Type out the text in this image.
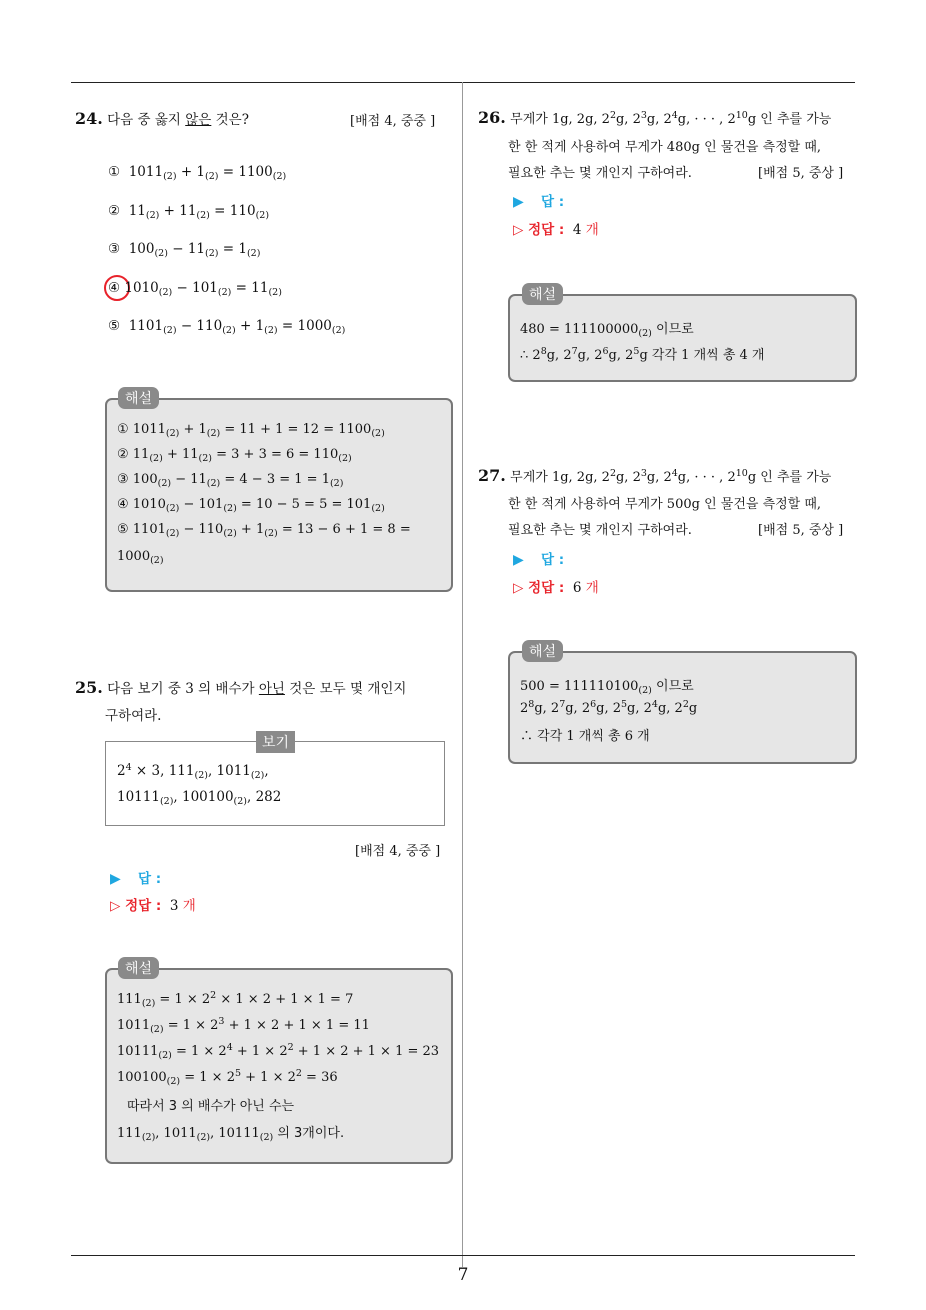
24. 다음 중 옳지 않은 것은?	[배점 4, 중중 ]
①  $1011_{(2)} + 1_{(2)} = 1100_{(2)}$
②  $11_{(2)} + 11_{(2)} = 110_{(2)}$
③  $100_{(2)} - 11_{(2)} = 1_{(2)}$
④ $1010_{(2)} - 101_{(2)} = 11_{(2)}$
⑤  $1101_{(2)} - 110_{(2)} + 1_{(2)} = 1000_{(2)}$
① $1011_{(2)} + 1_{(2)} = 11 + 1 = 12 = 1100_{(2)}$
② $11_{(2)} + 11_{(2)} = 3 + 3 = 6 = 110_{(2)}$
③ $100_{(2)} - 11_{(2)} = 4 - 3 = 1 = 1_{(2)}$
④ $1010_{(2)} - 101_{(2)} = 10 - 5 = 5 = 101_{(2)}$
⑤ $1101_{(2)} - 110_{(2)} + 1_{(2)} = 13 - 6 + 1 = 8$ =
$1000_{(2)}$
해설
25. 다음 보기 중 3 의 배수가 아닌 것은 모두 몇 개인지
구하여라.
$2^4 \times 3$, $111_{(2)}$, $1011_{(2)}$,
$10111_{(2)}$, $100100_{(2)}$, 282
보기
[배점 4, 중중 ]
▶ 답 :
▷ 정답 : 3 개
$111_{(2)} = 1 \times 2^2 \times 1 \times 2 + 1 \times 1 = 7$
$1011_{(2)} = 1 \times 2^3 + 1 \times 2 + 1 \times 1 = 11$
$10111_{(2)} = 1 \times 2^4 + 1 \times 2^2 + 1 \times 2 + 1 \times 1 = 23$
$100100_{(2)} = 1 \times 2^5 + 1 \times 2^2 = 36$
따라서 3 의 배수가 아닌 수는
$111_{(2)}$, $1011_{(2)}$, $10111_{(2)}$ 의 3개이다.
해설
26. 무게가 1g, 2g, $2^2g$, $2^3g$, $2^4g$, · · · , $2^{10}g$ 인 추를 가능
한 한 적게 사용하여 무게가 480g 인 물건을 측정할 때,
필요한 추는 몇 개인지 구하여라.	[배점 5, 중상 ]
▶ 답 :
▷ 정답 : 4 개
$480 = 111100000_{(2)}$ 이므로
∴ $2^8g$, $2^7g$, $2^6g$, $2^5g$ 각각 1 개씩 총 4 개
해설
27. 무게가 1g, 2g, $2^2g$, $2^3g$, $2^4g$, · · · , $2^{10}g$ 인 추를 가능
한 한 적게 사용하여 무게가 500g 인 물건을 측정할 때,
필요한 추는 몇 개인지 구하여라.	[배점 5, 중상 ]
▶ 답 :
▷ 정답 : 6 개
$500 = 111110100_{(2)}$ 이므로
$2^8g$, $2^7g$, $2^6g$, $2^5g$, $2^4g$, $2^2g$
∴ 각각 1 개씩 총 6 개
해설
7
